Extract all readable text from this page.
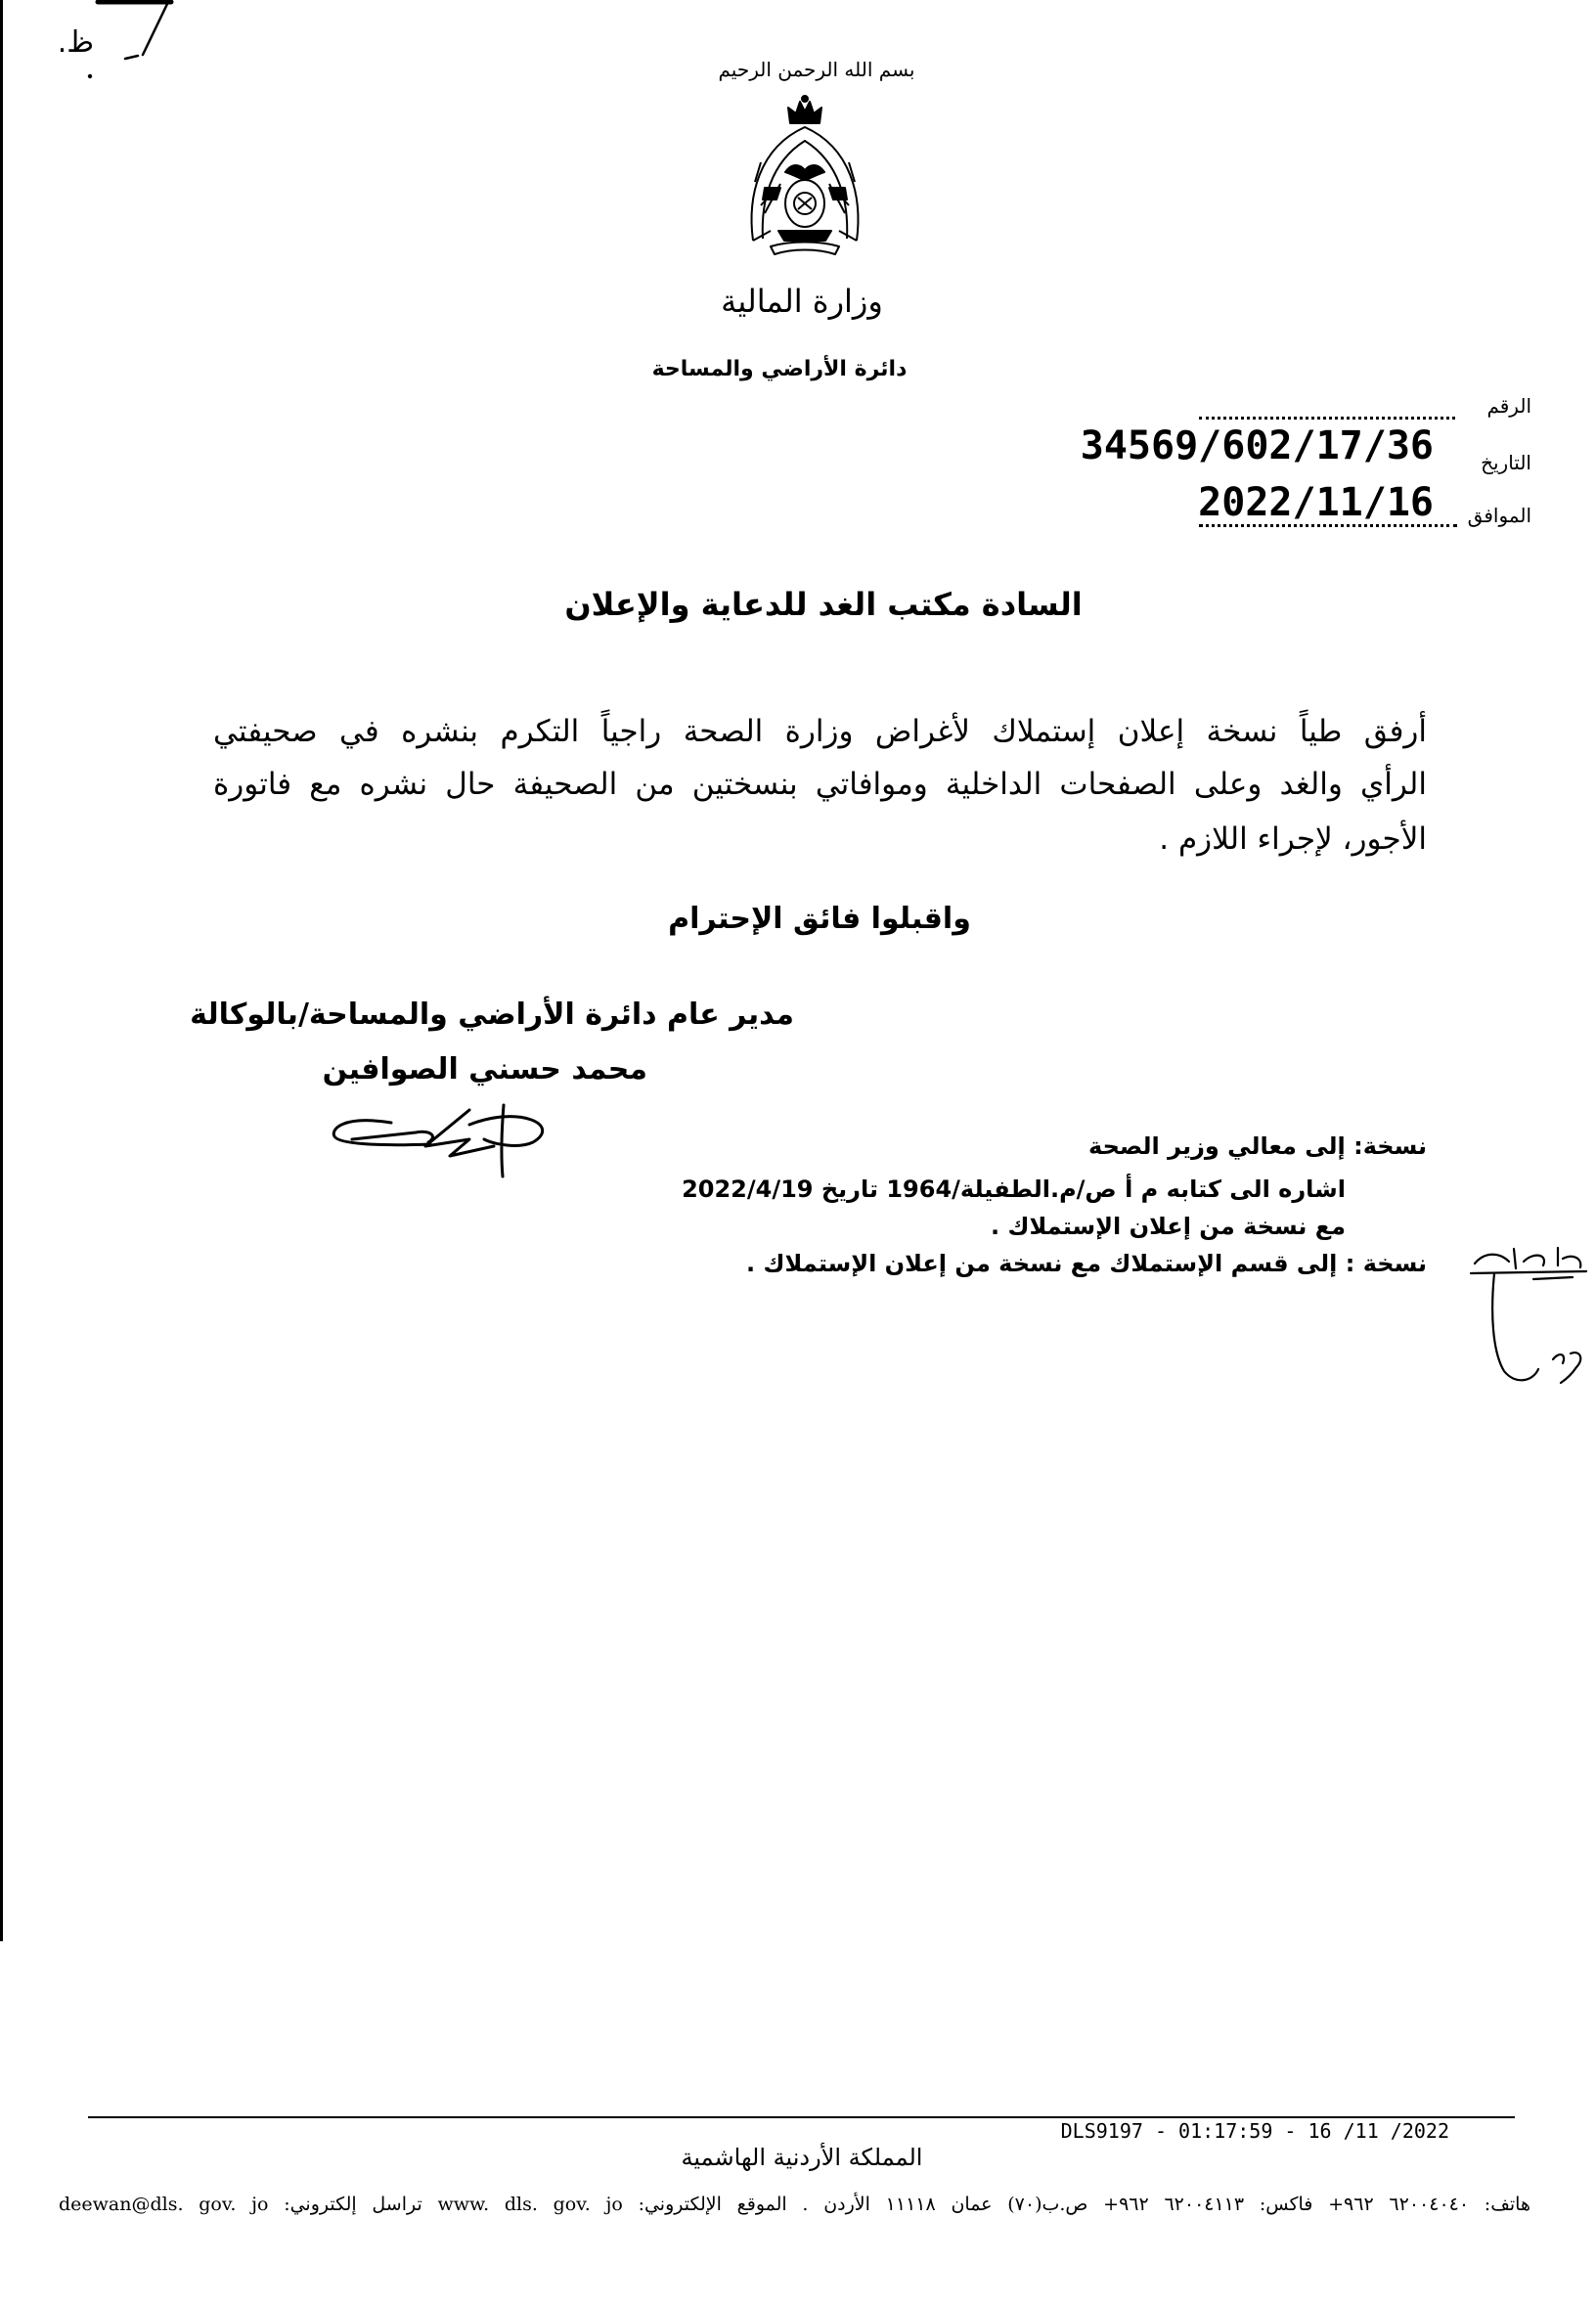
ظ.
بسم الله الرحمن الرحيم
وزارة المالية
دائرة الأراضي والمساحة
الرقم
التاريخ
الموافق
34569/602/17/36
2022/11/16
السادة مكتب الغد للدعاية والإعلان
أرفق طياً نسخة إعلان إستملاك لأغراض وزارة الصحة راجياً التكرم بنشره في صحيفتي
الرأي والغد وعلى الصفحات الداخلية وموافاتي بنسختين من الصحيفة حال نشره مع فاتورة
الأجور، لإجراء اللازم .
واقبلوا فائق الإحترام
مدير عام دائرة الأراضي والمساحة/بالوكالة
محمد حسني الصوافين
نسخة: إلى معالي وزير الصحة
اشاره الى كتابه م أ ص/م.الطفيلة/1964 تاريخ 2022/4/19
مع نسخة من إعلان الإستملاك .
نسخة : إلى قسم الإستملاك مع نسخة من إعلان الإستملاك .
DLS9197 - 01:17:59 - 16 /11 /2022
المملكة الأردنية الهاشمية
هاتف: ٦٢٠٠٤٠٤٠ ٩٦٢+ فاكس: ٦٢٠٠٤١١٣ ٩٦٢+ ص.ب(٧٠) عمان ١١١١٨ الأردن . الموقع الإلكتروني: www. dls. gov. jo تراسل إلكتروني: deewan@dls. gov. jo
